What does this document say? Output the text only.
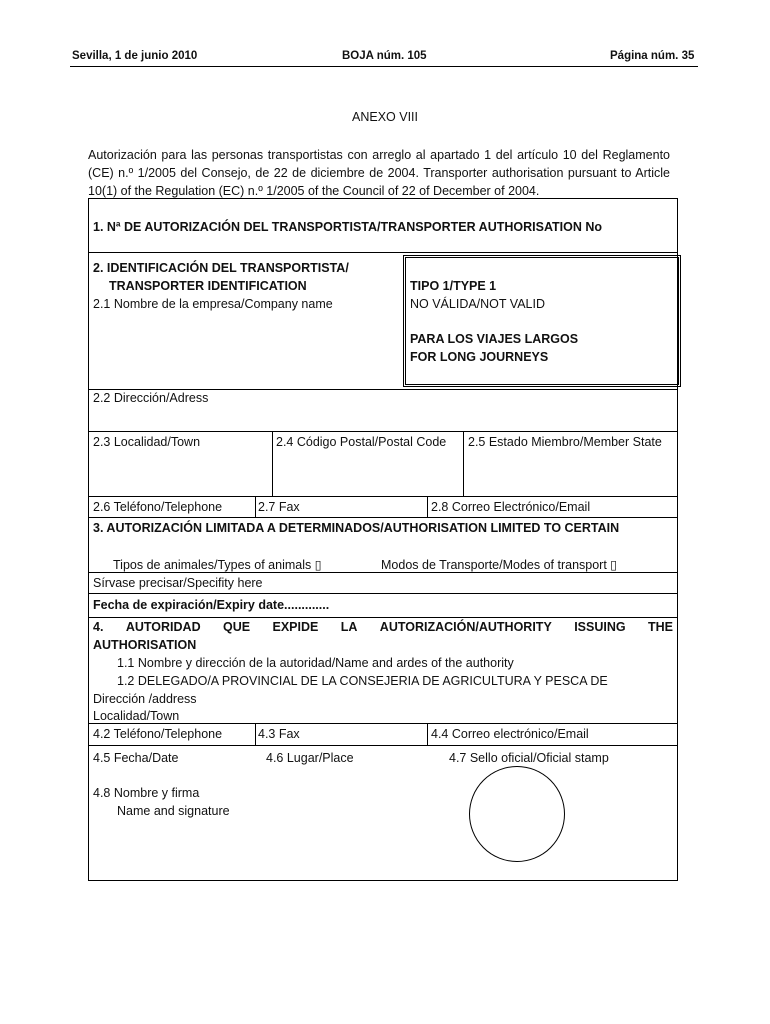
Sevilla, 1 de junio 2010	BOJA núm. 105	Página núm. 35
ANEXO VIII
Autorización para las personas transportistas con arreglo al apartado 1 del artículo 10 del Reglamento (CE) n.º 1/2005 del Consejo, de 22 de diciembre de 2004. Transporter authorisation pursuant to Article 10(1) of the Regulation (EC) n.º 1/2005 of the Council of 22 of December of 2004.
1. Nª DE AUTORIZACIÓN DEL TRANSPORTISTA/TRANSPORTER AUTHORISATION No
2. IDENTIFICACIÓN DEL TRANSPORTISTA/
TRANSPORTER IDENTIFICATION
2.1 Nombre de la empresa/Company name
TIPO 1/TYPE 1
NO VÁLIDA/NOT VALID
PARA LOS VIAJES LARGOS
FOR LONG JOURNEYS
2.2 Dirección/Adress
2.3 Localidad/Town	2.4 Código Postal/Postal Code 2.5 Estado Miembro/Member State
2.6 Teléfono/Telephone	2.7 Fax	2.8 Correo Electrónico/Email
3. AUTORIZACIÓN LIMITADA A DETERMINADOS/AUTHORISATION LIMITED TO CERTAIN
Tipos de animales/Types of animals ▯	Modos de Transporte/Modes of transport ▯
Sírvase precisar/Specifity here
Fecha de expiración/Expiry date.............
4. AUTORIDAD QUE EXPIDE LA AUTORIZACIÓN/AUTHORITY ISSUING THE
AUTHORISATION
1.1 Nombre y dirección de la autoridad/Name and ardes of the authority
1.2 DELEGADO/A PROVINCIAL DE LA CONSEJERIA DE AGRICULTURA Y PESCA DE
Dirección /address
Localidad/Town
4.2 Teléfono/Telephone	4.3 Fax	4.4 Correo electrónico/Email
4.5 Fecha/Date	4.6 Lugar/Place	4.7 Sello oficial/Oficial stamp
4.8 Nombre y firma
Name and signature
